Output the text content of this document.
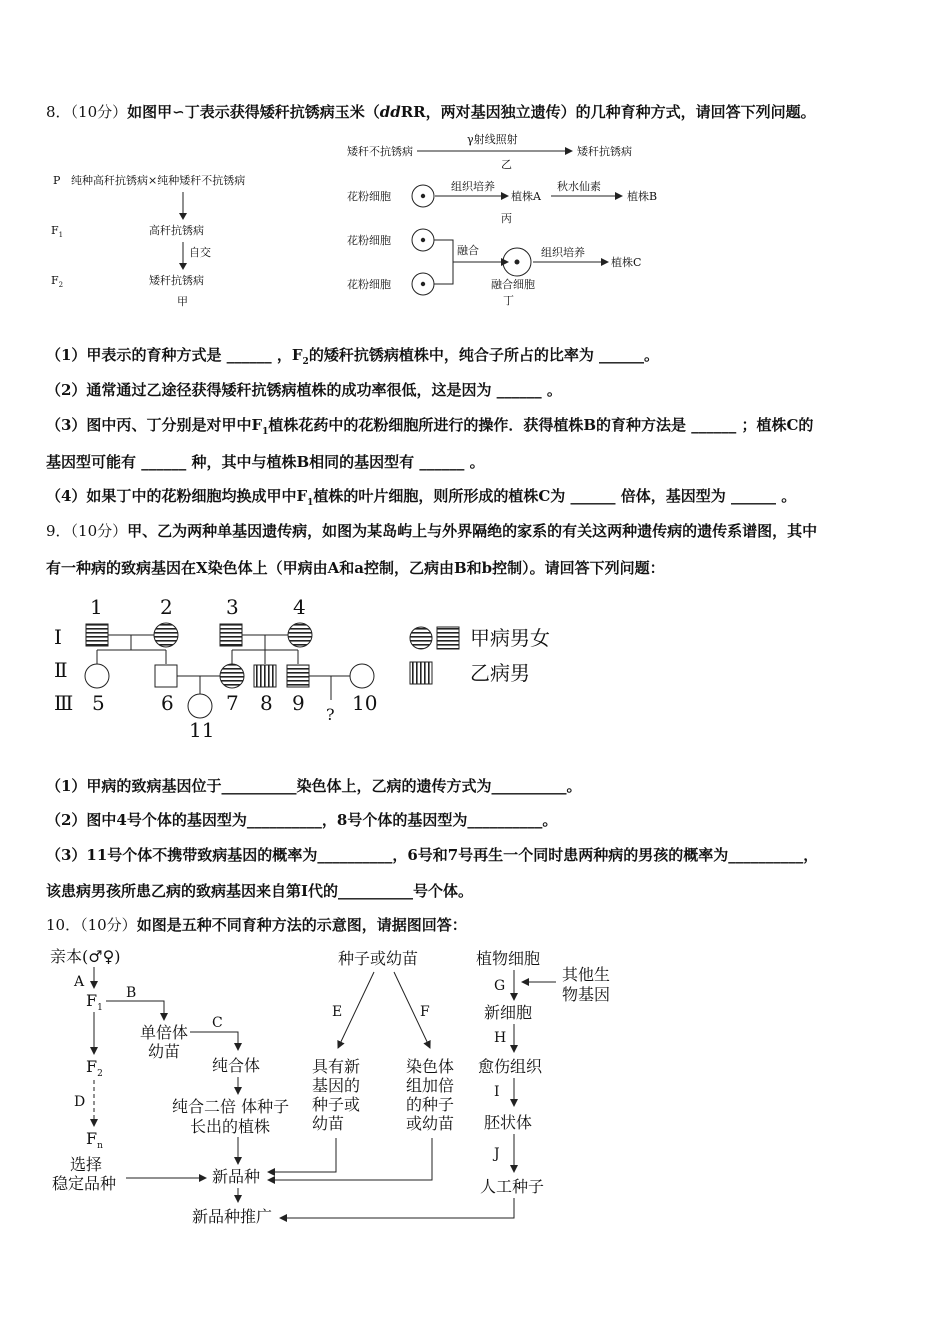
8．（10分）如图甲∽丁表示获得矮秆抗锈病玉米（ddRR，两对基因独立遗传）的几种育种方式，请回答下列问题。
P 纯种高秆抗锈病×纯种矮秆不抗锈病
$F_1$	高秆抗锈病
自交
$F_2$	矮秆抗锈病
甲
矮秆不抗锈病
γ射线照射
矮秆抗锈病
乙
花粉细胞
组织培养
植株A
秋水仙素
植株B
丙
花粉细胞
花粉细胞
融合	组织培养
植株C
融合细胞
丁
（1）甲表示的育种方式是 ______ ，$F_2$的矮秆抗锈病植株中，纯合子所占的比率为 ______。
（2）通常通过乙途径获得矮秆抗锈病植株的成功率很低，这是因为 ______ 。
（3）图中丙、丁分别是对甲中$F_1$植株花药中的花粉细胞所进行的操作．获得植株B的育种方法是 ______ ；植株C的
基因型可能有 ______ 种，其中与植株B相同的基因型有 ______ 。
（4）如果丁中的花粉细胞均换成甲中$F_1$植株的叶片细胞，则所形成的植株C为 ______ 倍体，基因型为 ______ 。
9．（10分）甲、乙为两种单基因遗传病，如图为某岛屿上与外界隔绝的家系的有关这两种遗传病的遗传系谱图，其中
有一种病的致病基因在X染色体上（甲病由A和a控制，乙病由B和b控制）。请回答下列问题：
Ⅰ
Ⅱ
Ⅲ
1	2	3	4
5	6	7 8 9 10
11
?
甲病男女
乙病男
（1）甲病的致病基因位于__________染色体上，乙病的遗传方式为__________。
（2）图中4号个体的基因型为__________，8号个体的基因型为__________。
（3）11号个体不携带致病基因的概率为__________，6号和7号再生一个同时患两种病的男孩的概率为__________，
该患病男孩所患乙病的致病基因来自第Ⅰ代的__________号个体。
10．（10分）如图是五种不同育种方法的示意图，请据图回答：
亲本(♂♀)
A
$F_1$
B
单倍体
幼苗
C
纯合体
纯合二倍 体种子
长出的植株
$F_2$
D
$F_n$
选择
稳定品种
种子或幼苗
E	F
具有新
基因的
种子或
幼苗
染色体
组加倍
的种子
或幼苗
新品种
新品种推广
植物细胞
其他生
物基因
G
新细胞
H
愈伤组织
I
胚状体
J
人工种子
